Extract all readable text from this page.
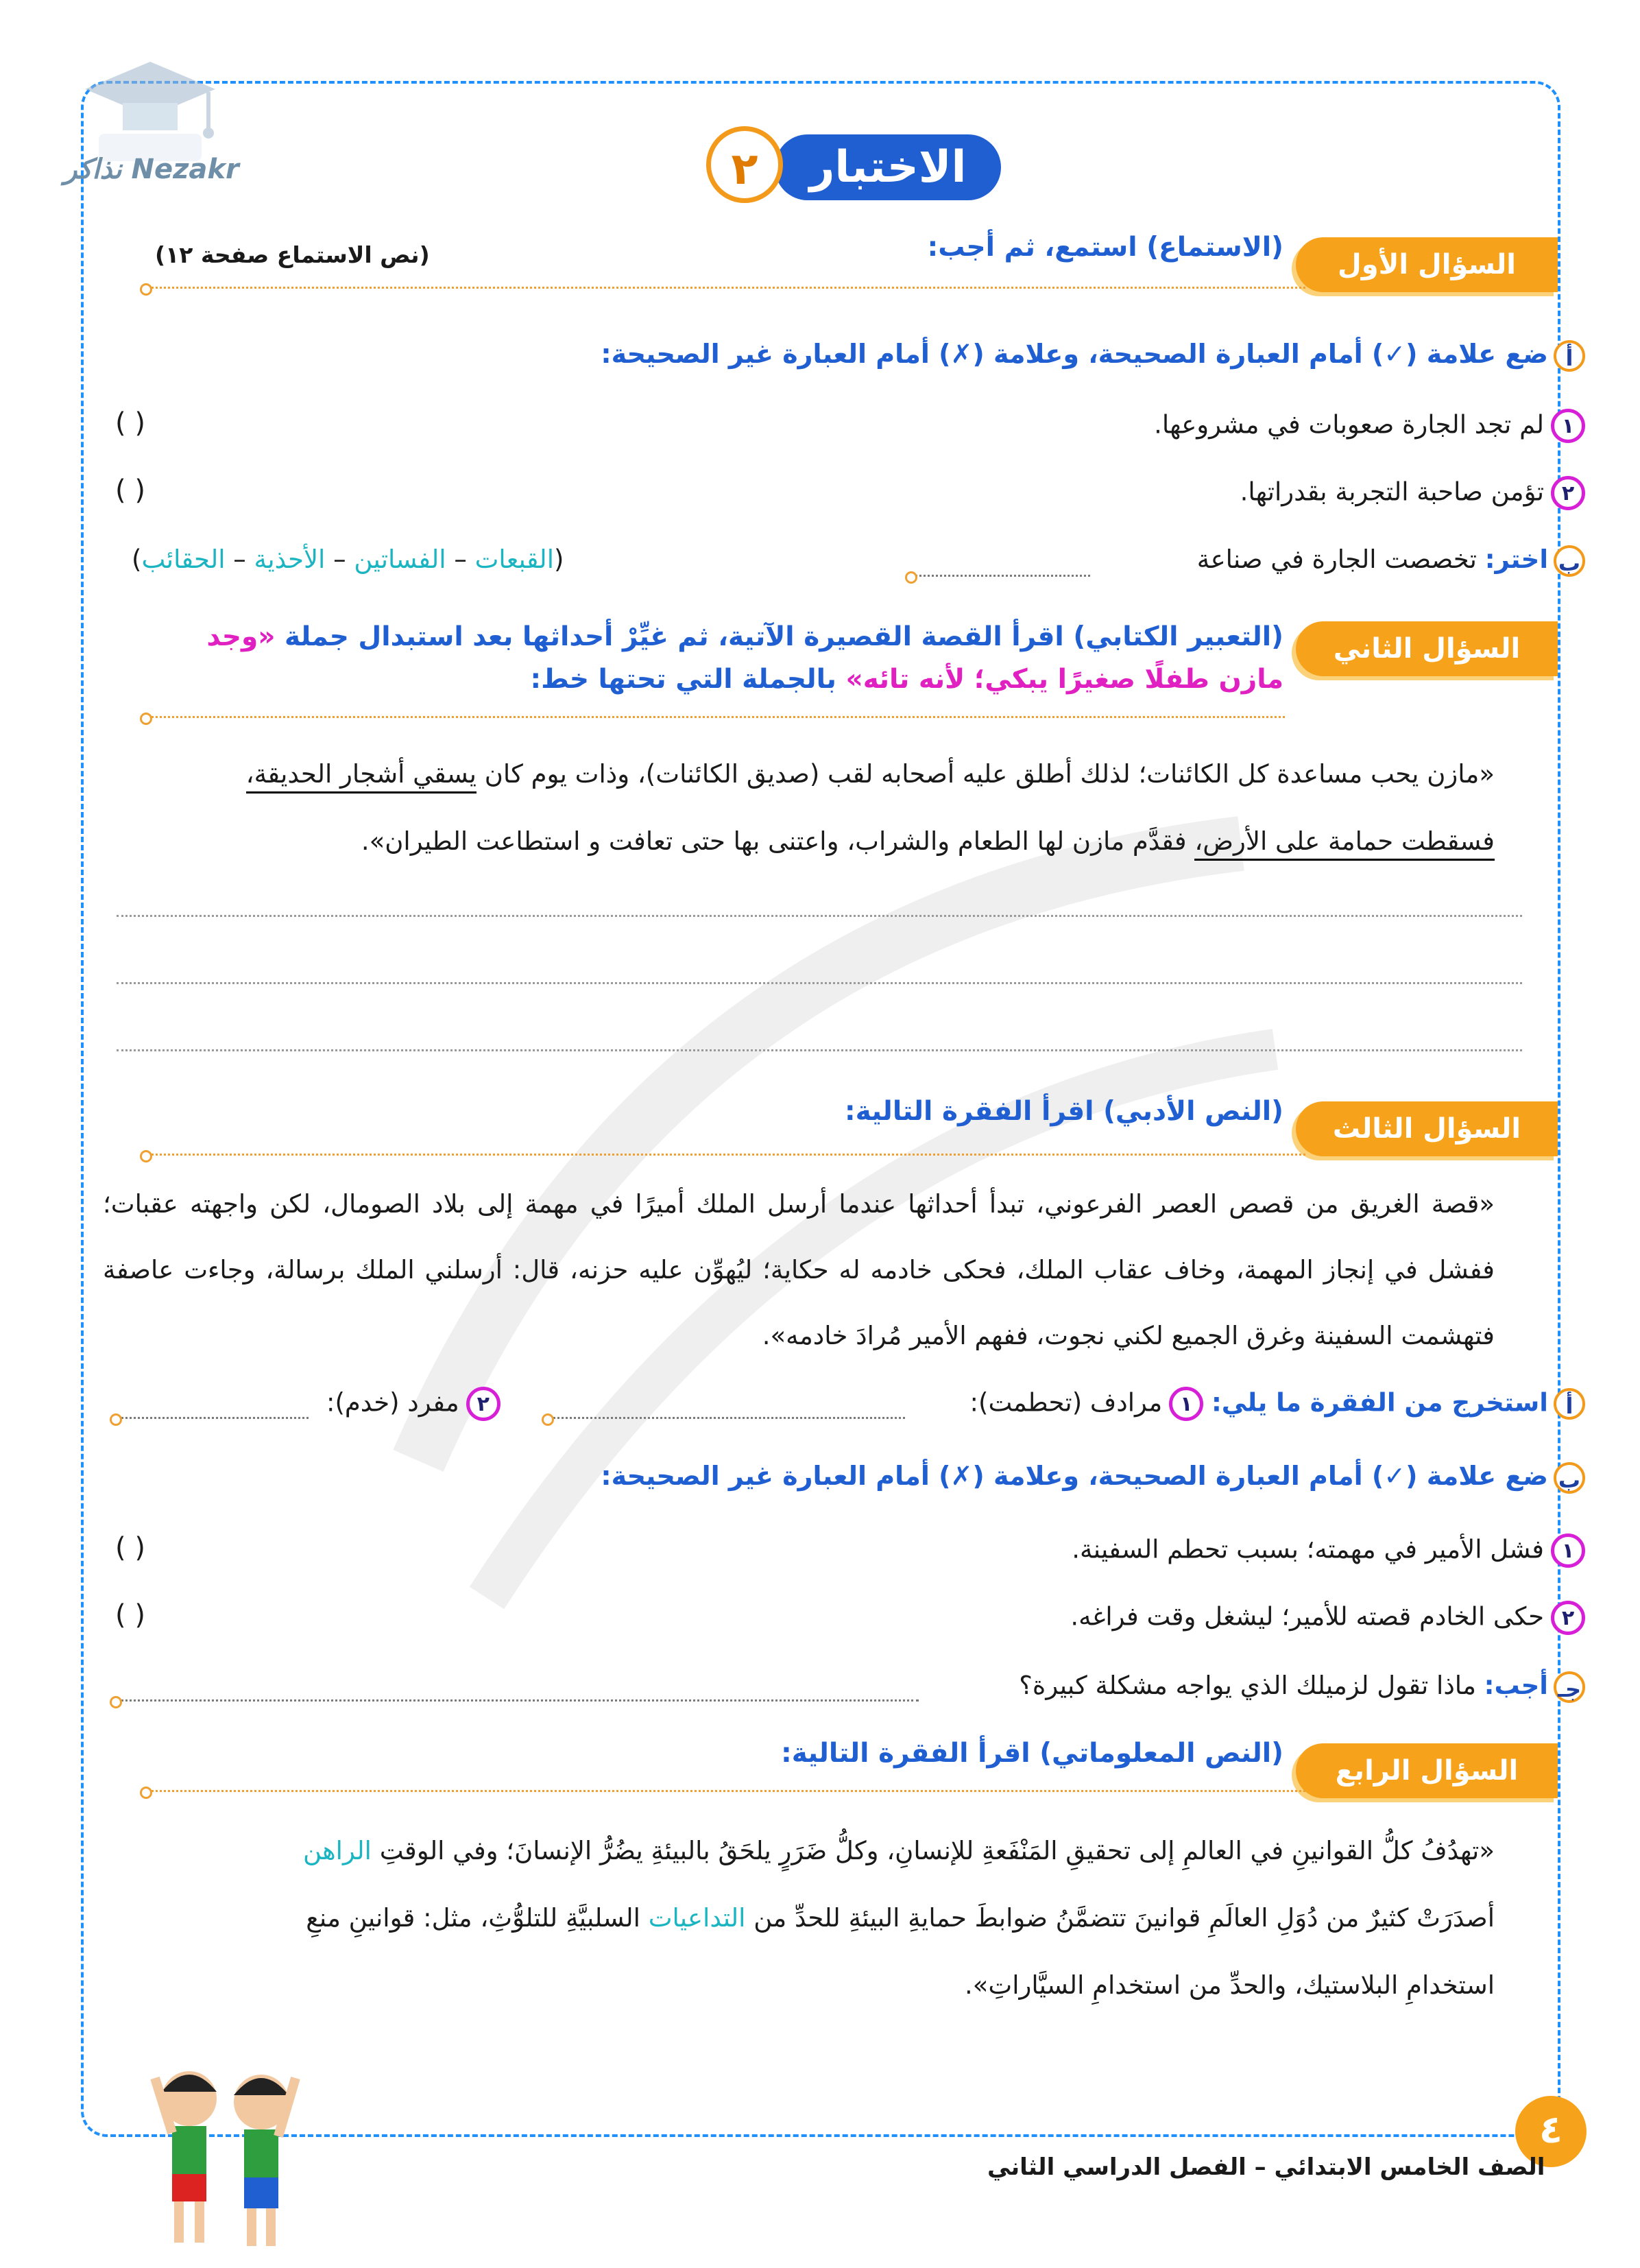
Nezakr نذاكر	الاختبار
٢
السؤال الأول
(الاستماع) استمع، ثم أجب:
(نص الاستماع صفحة ١٢)
أضع علامة (✓) أمام العبارة الصحيحة، وعلامة (✗) أمام العبارة غير الصحيحة:
١لم تجد الجارة صعوبات في مشروعها.
( )
٢تؤمن صاحبة التجربة بقدراتها.
( )
باختر: تخصصت الجارة في صناعة
(القبعات – الفساتين – الأحذية – الحقائب)
السؤال الثاني
(التعبير الكتابي) اقرأ القصة القصيرة الآتية، ثم غيِّرْ أحداثها بعد استبدال جملة «وجد
مازن طفلًا صغيرًا يبكي؛ لأنه تائه» بالجملة التي تحتها خط:
«مازن يحب مساعدة كل الكائنات؛ لذلك أطلق عليه أصحابه لقب (صديق الكائنات)، وذات يوم كان يسقي أشجار الحديقة،
فسقطت حمامة على الأرض، فقدَّم مازن لها الطعام والشراب، واعتنى بها حتى تعافت و استطاعت الطيران».
السؤال الثالث
(النص الأدبي) اقرأ الفقرة التالية:
«قصة الغريق من قصص العصر الفرعوني، تبدأ أحداثها عندما أرسل الملك أميرًا في مهمة إلى بلاد الصومال، لكن واجهته عقبات؛ ففشل في إنجاز المهمة، وخاف عقاب الملك، فحكى خادمه له حكاية؛ ليُهوِّن عليه حزنه، قال: أرسلني الملك برسالة، وجاءت عاصفة فتهشمت السفينة وغرق الجميع لكني نجوت، ففهم الأمير مُرادَ خادمه».
أاستخرج من الفقرة ما يلي: ١مرادف (تحطمت):
٢مفرد (خدم):
بضع علامة (✓) أمام العبارة الصحيحة، وعلامة (✗) أمام العبارة غير الصحيحة:
١فشل الأمير في مهمته؛ بسبب تحطم السفينة.
( )
٢حكى الخادم قصته للأمير؛ ليشغل وقت فراغه.
( )
جـأجب: ماذا تقول لزميلك الذي يواجه مشكلة كبيرة؟
السؤال الرابع
(النص المعلوماتي) اقرأ الفقرة التالية:
«تهدُفُ كلُّ القوانينِ في العالمِ إلى تحقيقِ المَنْفَعةِ للإنسانِ، وكلُّ ضَرَرٍ يلحَقُ بالبيئةِ يضُرُّ الإنسانَ؛ وفي الوقتِ الراهن
أصدَرَتْ كثيرٌ من دُوَلِ العالَمِ قوانينَ تتضمَّنُ ضوابطَ حمايةِ البيئةِ للحدِّ من التداعيات السلبيَّةِ للتلوُّثِ، مثل: قوانينِ منعِ
استخدامِ البلاستيك، والحدِّ من استخدامِ السيَّاراتِ».
٤
الصف الخامس الابتدائي – الفصل الدراسي الثاني
